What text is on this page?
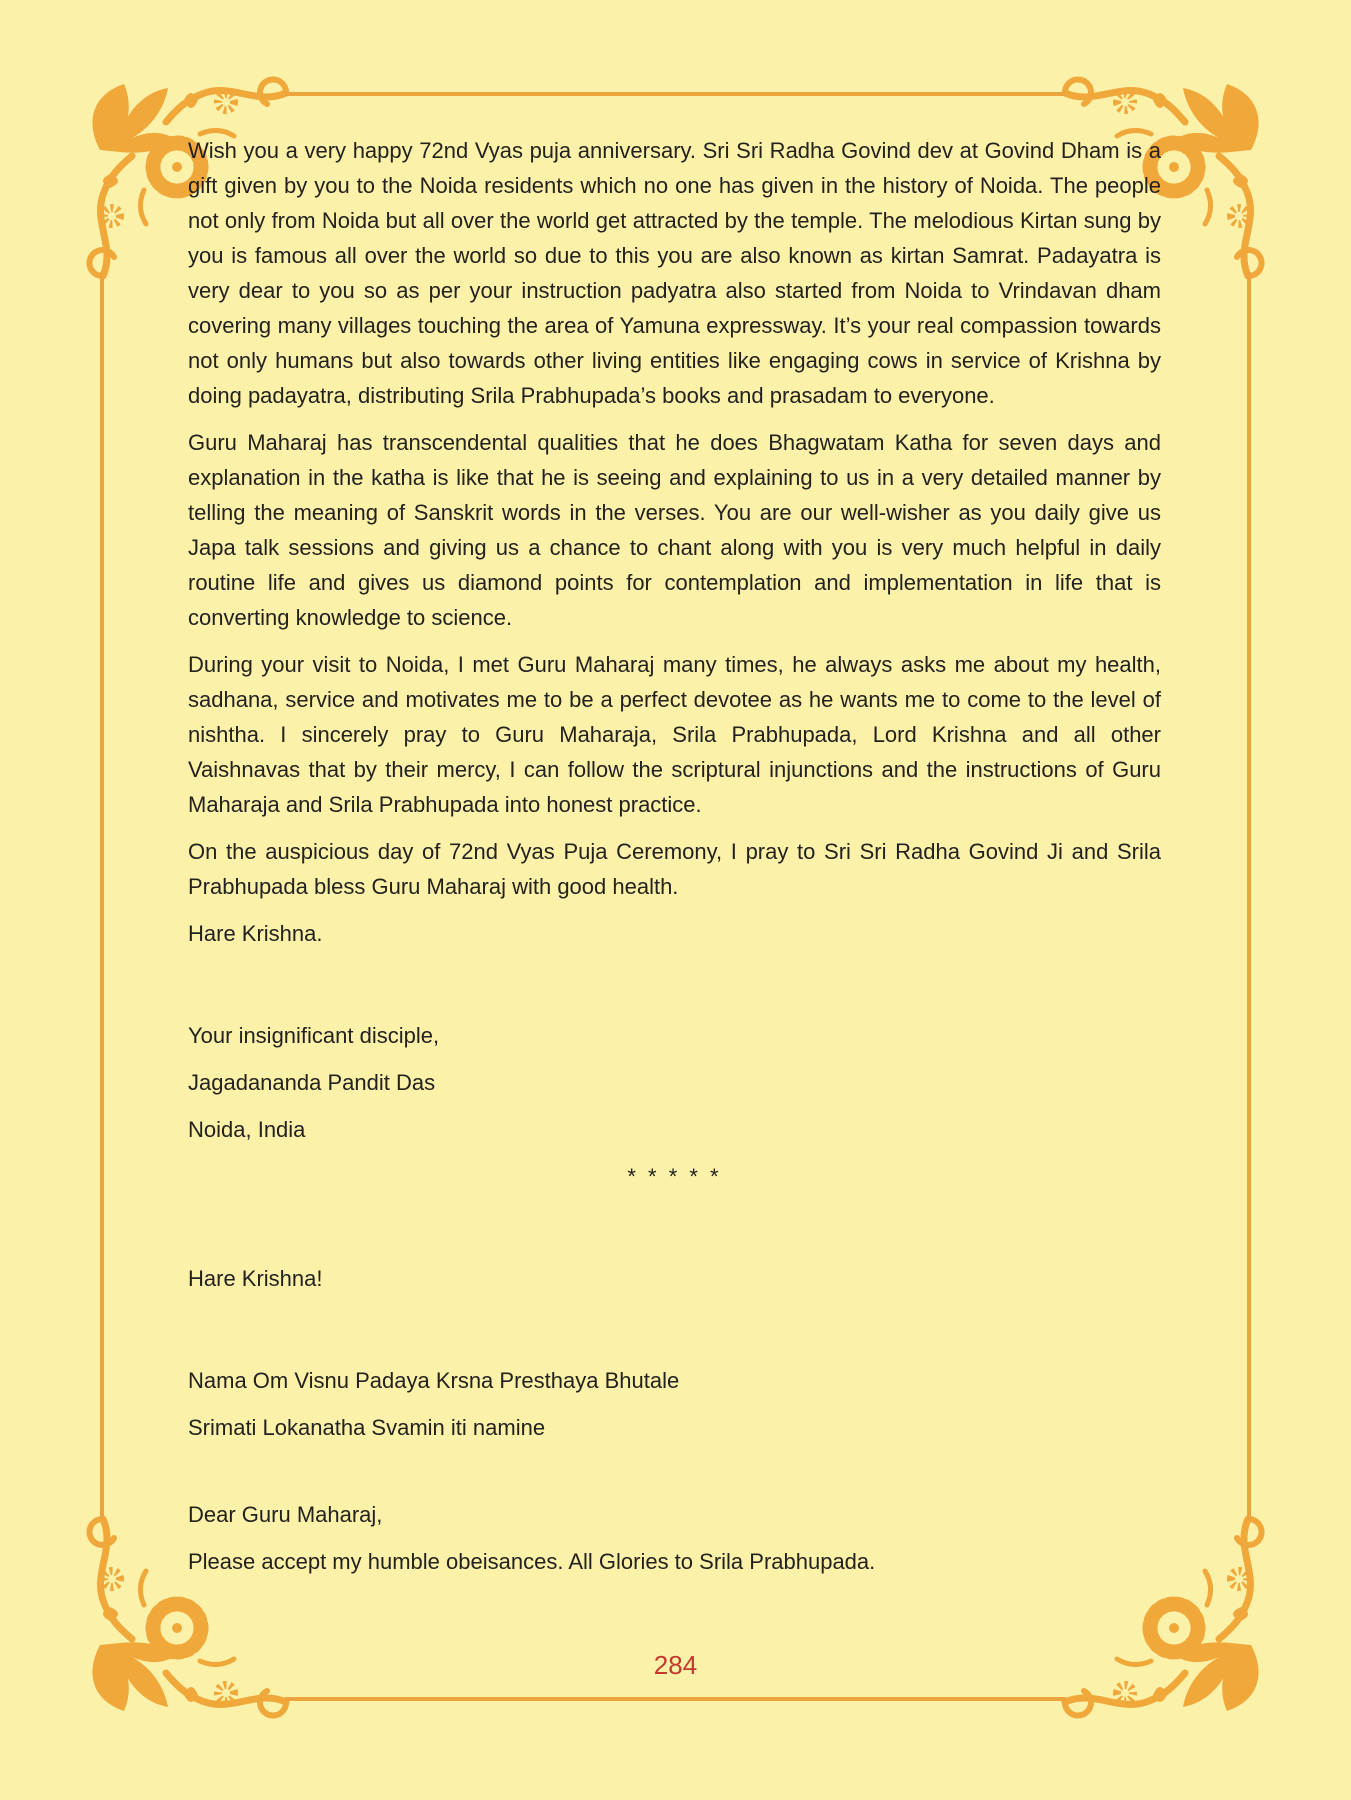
Wish you a very happy 72nd Vyas puja anniversary. Sri Sri Radha Govind dev at Govind Dham is a gift given by you to the Noida residents which no one has given in the history of Noida. The people not only from Noida but all over the world get attracted by the temple. The melodious Kirtan sung by you is famous all over the world so due to this you are also known as kirtan Samrat. Padayatra is very dear to you so as per your instruction padyatra also started from Noida to Vrindavan dham covering many villages touching the area of Yamuna expressway. It’s your real compassion towards not only humans but also towards other living entities like engaging cows in service of Krishna by doing padayatra, distributing Srila Prabhupada’s books and prasadam to everyone.

Guru Maharaj has transcendental qualities that he does Bhagwatam Katha for seven days and explanation in the katha is like that he is seeing and explaining to us in a very detailed manner by telling the meaning of Sanskrit words in the verses. You are our well-wisher as you daily give us Japa talk sessions and giving us a chance to chant along with you is very much helpful in daily routine life and gives us diamond points for contemplation and implementation in life that is converting knowledge to science.

During your visit to Noida, I met Guru Maharaj many times, he always asks me about my health, sadhana, service and motivates me to be a perfect devotee as he wants me to come to the level of nishtha. I sincerely pray to Guru Maharaja, Srila Prabhupada, Lord Krishna and all other Vaishnavas that by their mercy, I can follow the scriptural injunctions and the instructions of Guru Maharaja and Srila Prabhupada into honest practice.

On the auspicious day of 72nd Vyas Puja Ceremony, I pray to Sri Sri Radha Govind Ji and Srila Prabhupada bless Guru Maharaj with good health.

Hare Krishna.

Your insignificant disciple,

Jagadananda Pandit Das

Noida, India

* * * * *

Hare Krishna!

Nama Om Visnu Padaya Krsna Presthaya Bhutale

Srimati Lokanatha Svamin iti namine

Dear Guru Maharaj,

Please accept my humble obeisances. All Glories to Srila Prabhupada.

284
